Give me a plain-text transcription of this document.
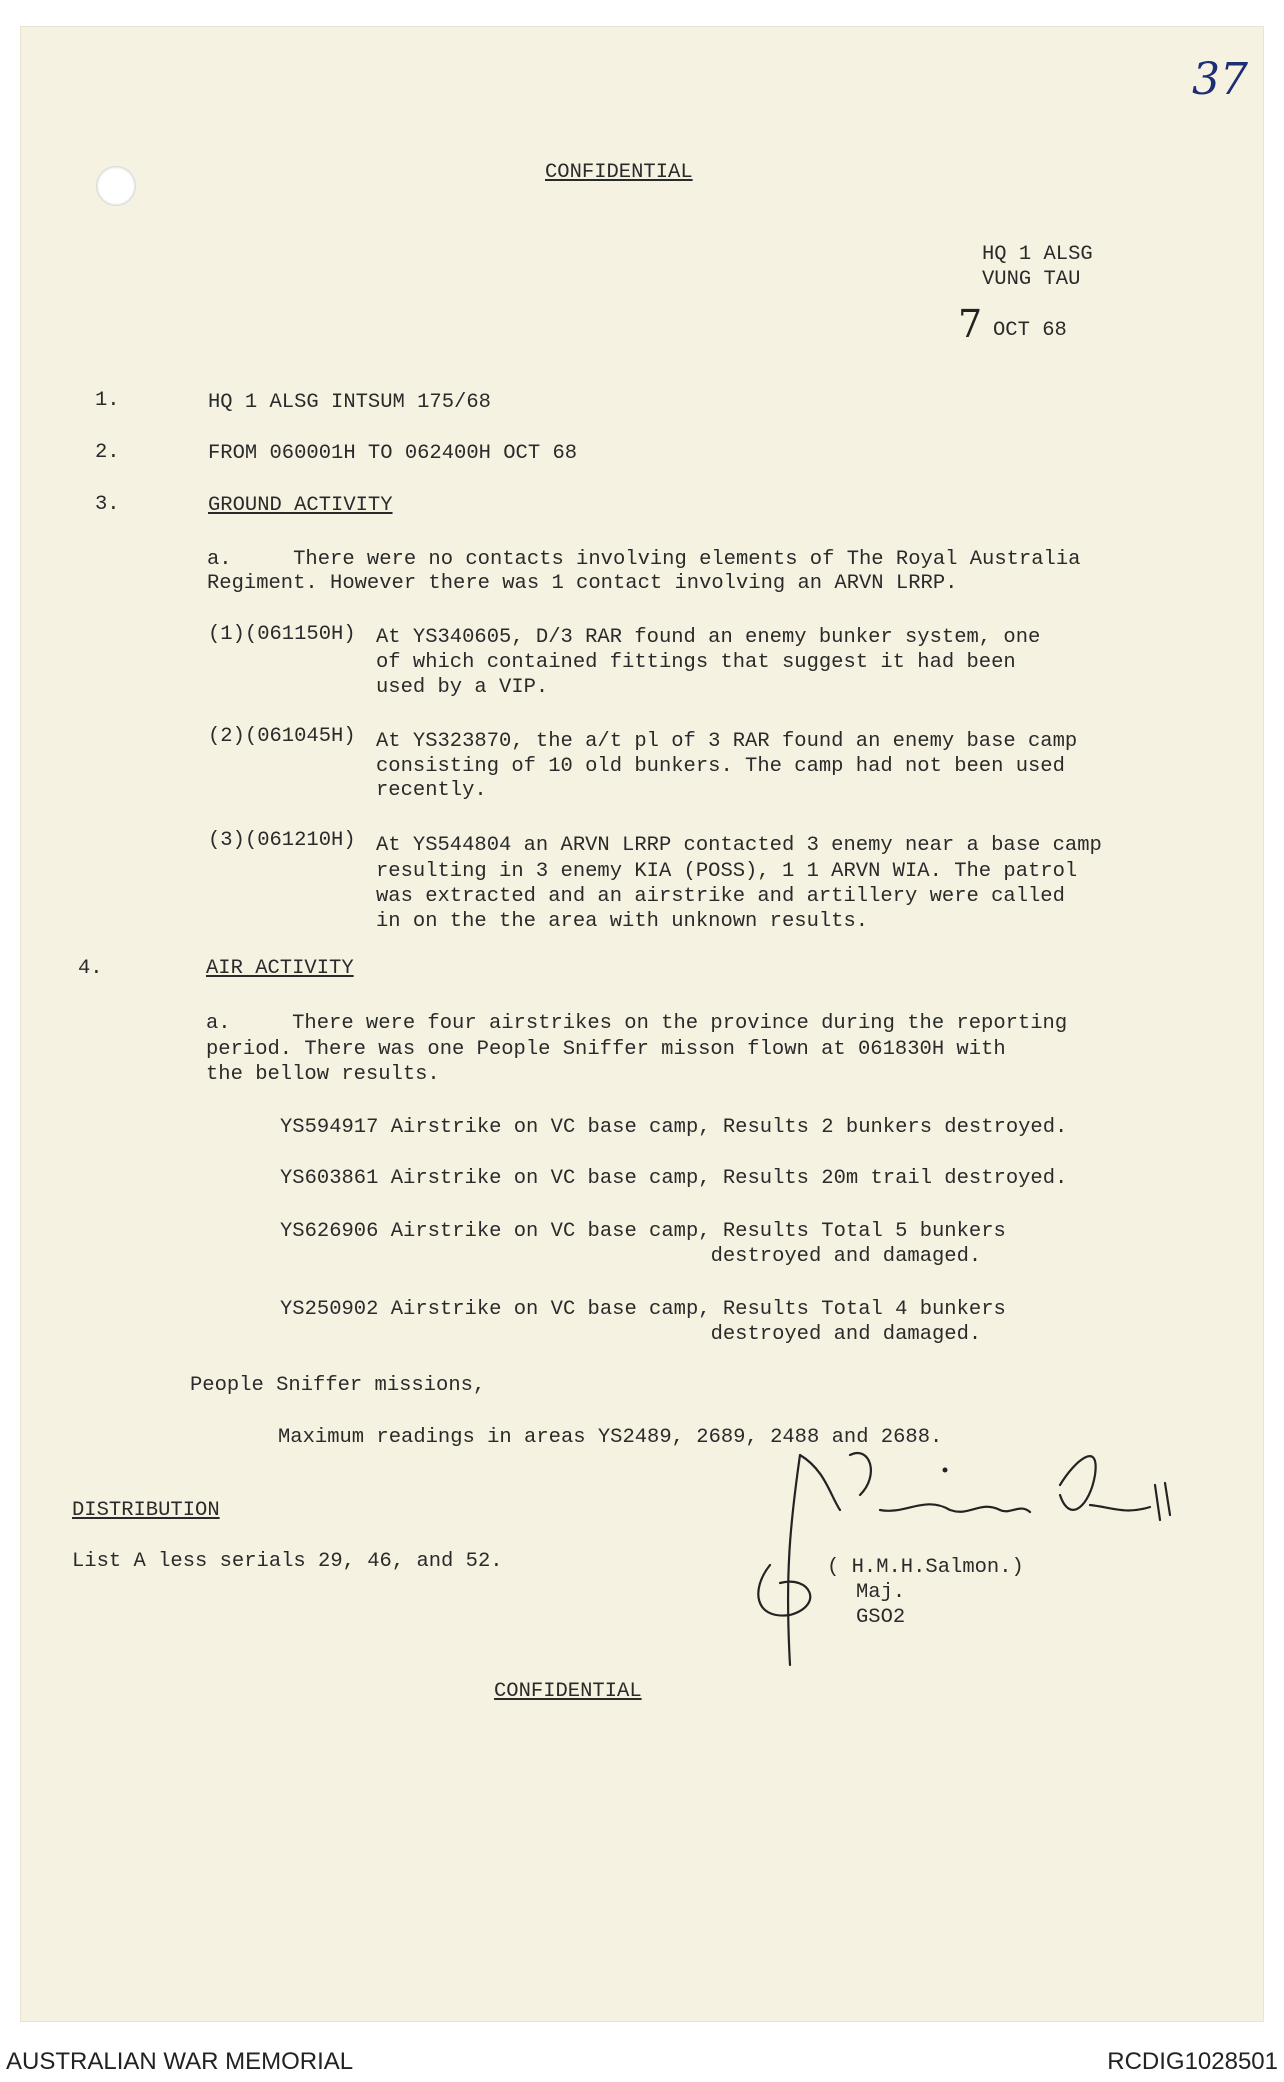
37
CONFIDENTIAL
HQ 1 ALSG
VUNG TAU
7 OCT 68
1.	HQ 1 ALSG INTSUM 175/68
2.	FROM 060001H TO 062400H OCT 68
3.	GROUND ACTIVITY
a.     There were no contacts involving elements of The Royal Australia
Regiment. However there was 1 contact involving an ARVN LRRP.
(1)(061150H) At YS340605, D/3 RAR found an enemy bunker system, one
of which contained fittings that suggest it had been
used by a VIP.
(2)(061045H) At YS323870, the a/t pl of 3 RAR found an enemy base camp
consisting of 10 old bunkers. The camp had not been used
recently.
(3)(061210H) At YS544804 an ARVN LRRP contacted 3 enemy near a base camp
resulting in 3 enemy KIA (POSS), 1 1 ARVN WIA. The patrol
was extracted and an airstrike and artillery were called
in on the the area with unknown results.
4.	AIR ACTIVITY
a.     There were four airstrikes on the province during the reporting
period. There was one People Sniffer misson flown at 061830H with
the bellow results.
YS594917 Airstrike on VC base camp, Results 2 bunkers destroyed.
YS603861 Airstrike on VC base camp, Results 20m trail destroyed.
YS626906 Airstrike on VC base camp, Results Total 5 bunkers
destroyed and damaged.
YS250902 Airstrike on VC base camp, Results Total 4 bunkers
destroyed and damaged.
People Sniffer missions,
Maximum readings in areas YS2489, 2689, 2488 and 2688.
DISTRIBUTION
List A less serials 29, 46, and 52.	( H.M.H.Salmon.)
Maj.
GSO2
CONFIDENTIAL
AUSTRALIAN WAR MEMORIAL	RCDIG1028501
